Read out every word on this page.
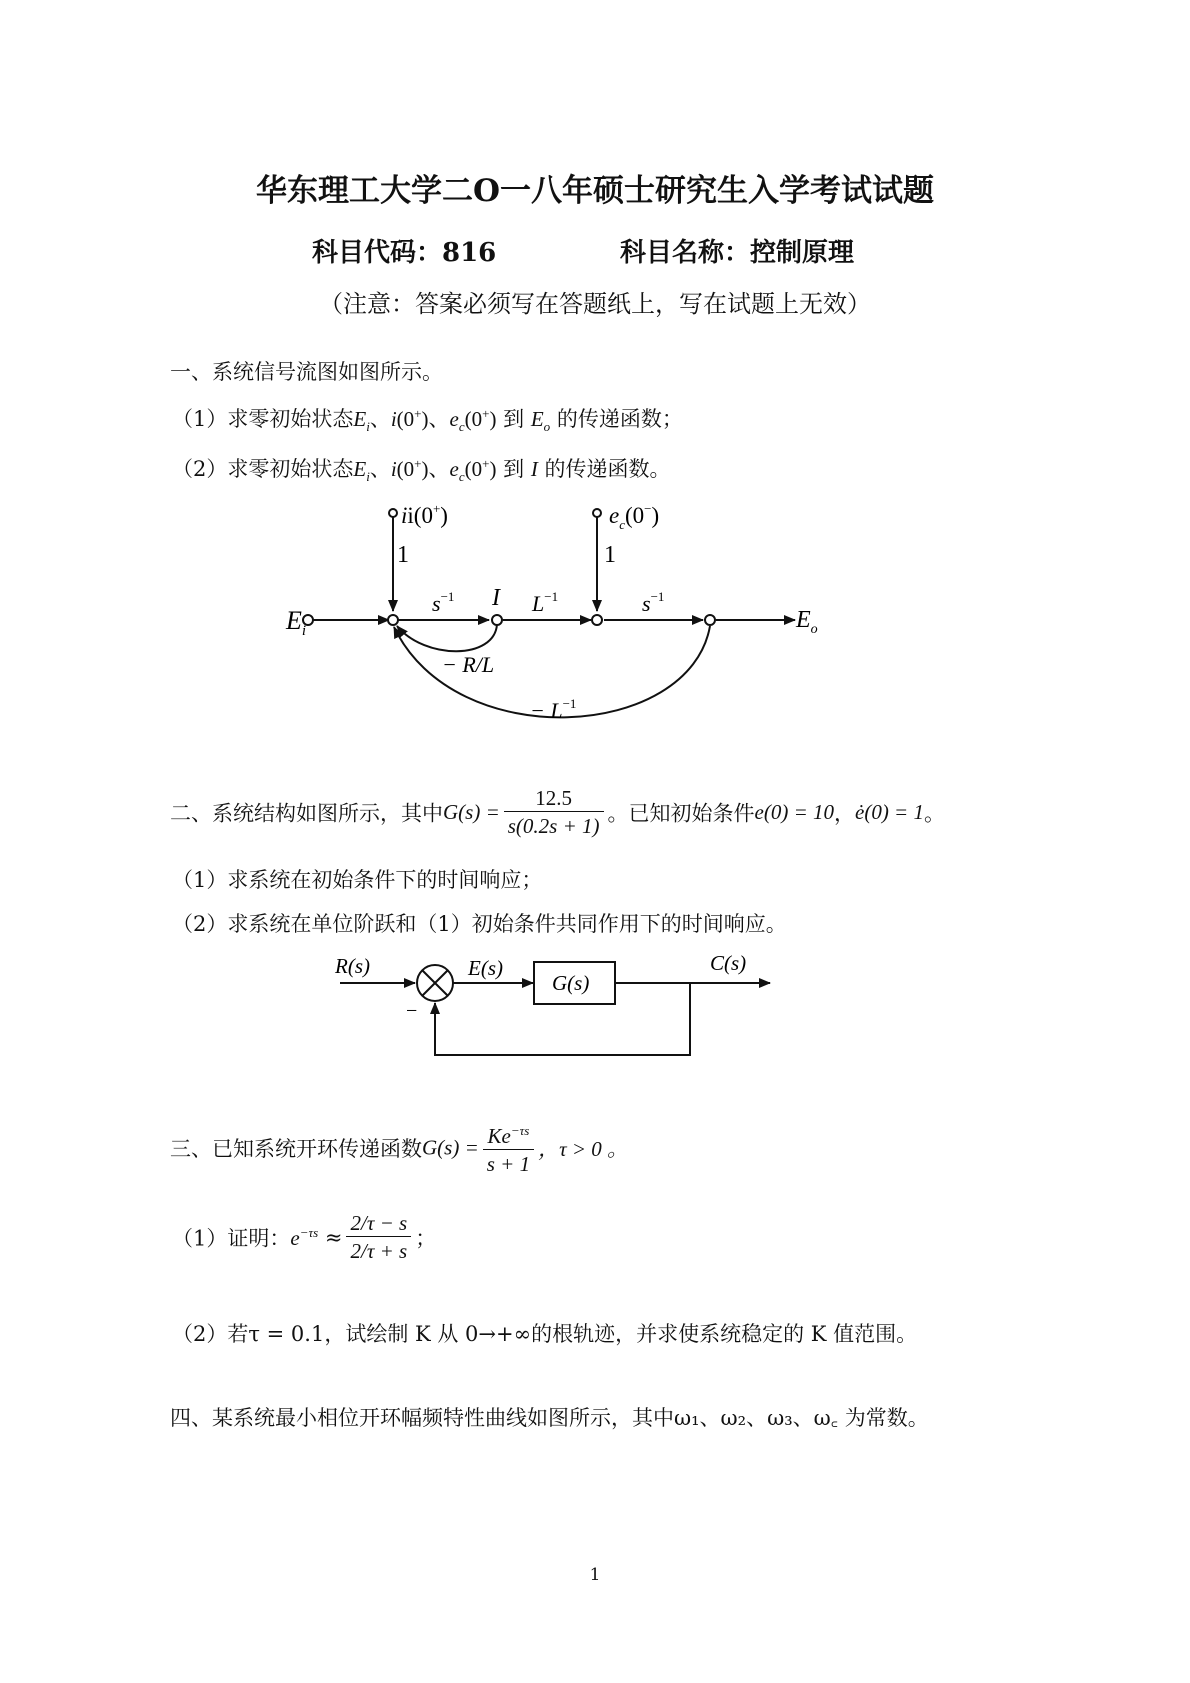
华东理工大学二O一八年硕士研究生入学考试试题
科目代码：816	科目名称：控制原理
（注意：答案必须写在答题纸上，写在试题上无效）
一、系统信号流图如图所示。
（1）求零初始状态$E_i$、i(0+)、$e_c(0^+)$ 到 $E_o$ 的传递函数；
（2）求零初始状态$E_i$、i(0+)、$e_c(0^+)$ 到 I 的传递函数。
$E_i$	$E_o$
I
ii(0+)	$e_c(0^-)$
1	1
$s^{-1}$	$s^{-1}$
$L^{-1}$
− R/L
− $L^{-1}$
二、系统结构如图所示，其中$G(s) = \frac{12.5}{s(0.2s + 1)}$ 。已知初始条件e(0) = 10，ė(0) = 1。
（1）求系统在初始条件下的时间响应；
（2）求系统在单位阶跃和（1）初始条件共同作用下的时间响应。
R(s)	E(s)
G(s)
C(s)
−
三、已知系统开环传递函数$G(s) = \frac{Ke^{-\tau s}}{s + 1}$ ，τ > 0 。
（1）证明：$e^{-\tau s} \approx \frac{2/\tau - s}{2/\tau + s}$ ；
（2）若τ = 0.1，试绘制 K 从 0→+∞的根轨迹，并求使系统稳定的 K 值范围。
四、某系统最小相位开环幅频特性曲线如图所示，其中ω₁、ω₂、ω₃、ω꜀ 为常数。
1
